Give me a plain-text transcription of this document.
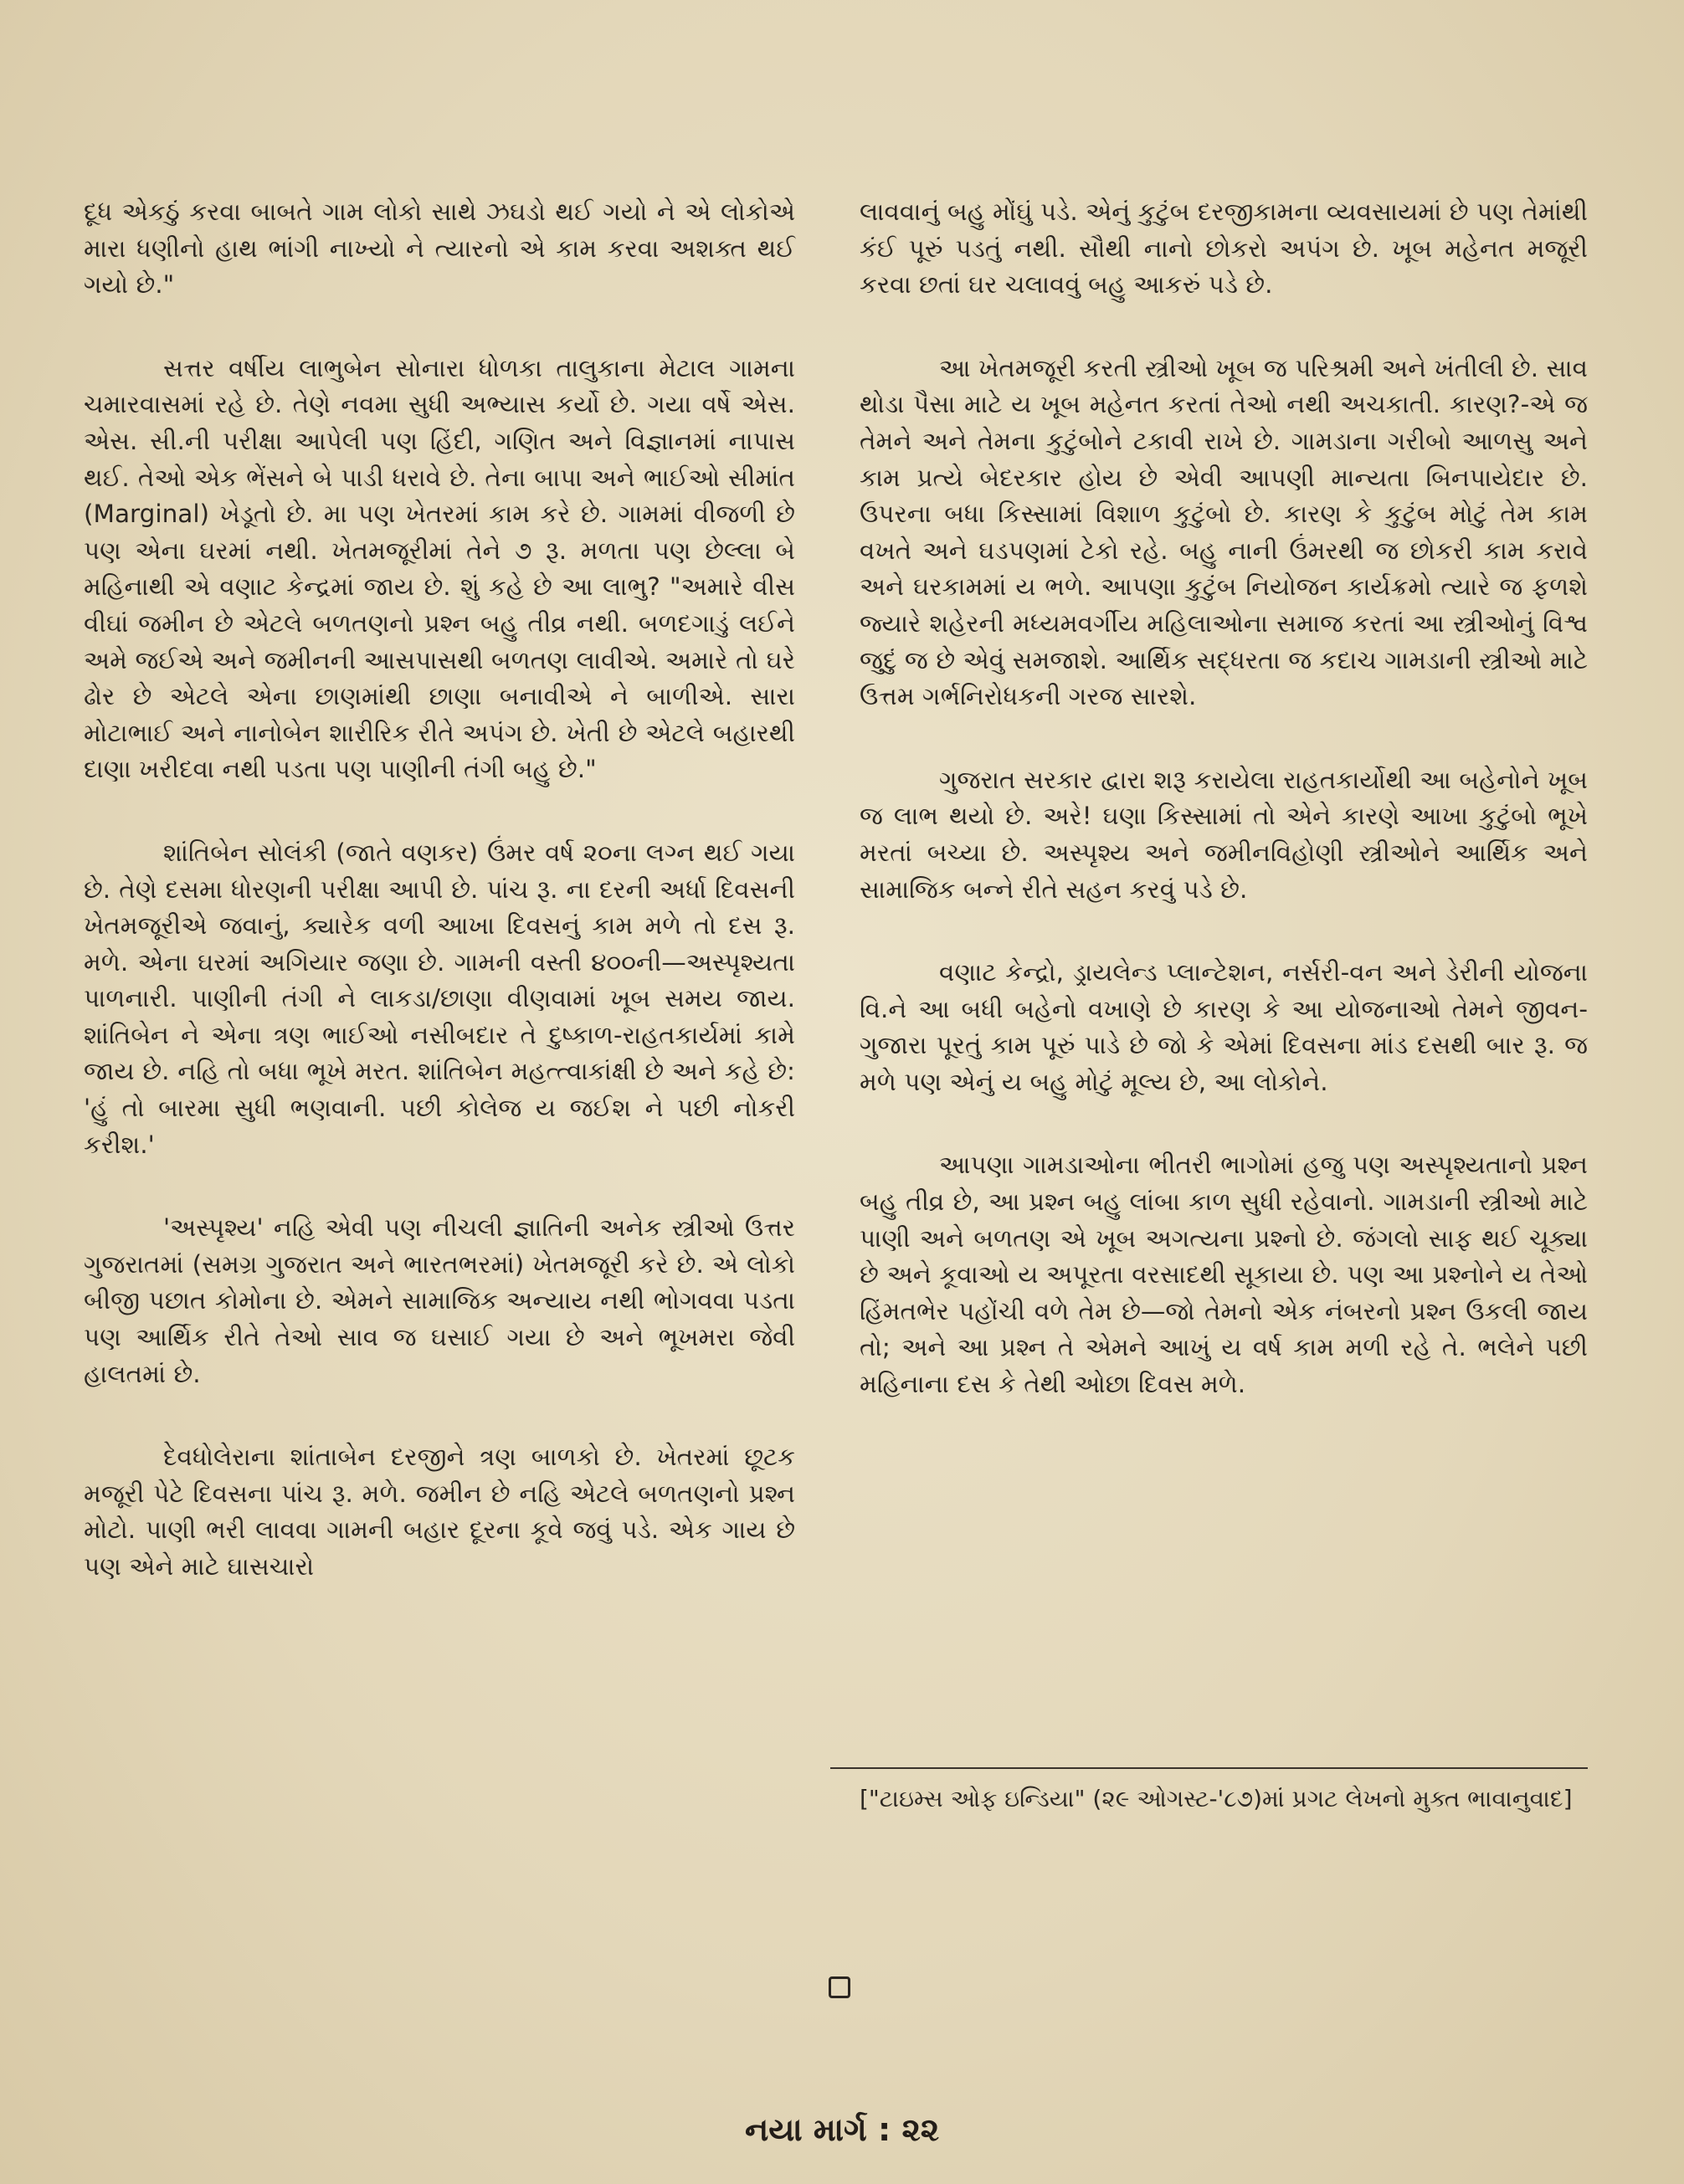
દૂધ એકઠું કરવા બાબતે ગામ લોકો સાથે ઝઘડો થઈ ગયો ને એ લોકોએ મારા ધણીનો હાથ ભાંગી નાખ્યો ને ત્યારનો એ કામ કરવા અશક્ત થઈ ગયો છે."

સત્તર વર્ષીય લાભુબેન સોનારા ધોળકા તાલુકાના મેટાલ ગામના ચમારવાસમાં રહે છે. તેણે નવમા સુધી અભ્યાસ કર્યો છે. ગયા વર્ષે એસ. એસ. સી.ની પરીક્ષા આપેલી પણ હિંદી, ગણિત અને વિજ્ઞાનમાં નાપાસ થઈ. તેઓ એક ભેંસને બે પાડી ધરાવે છે. તેના બાપા અને ભાઈઓ સીમાંત (Marginal) ખેડૂતો છે. મા પણ ખેતરમાં કામ કરે છે. ગામમાં વીજળી છે પણ એના ઘરમાં નથી. ખેતમજૂરીમાં તેને ૭ રૂ. મળતા પણ છેલ્લા બે મહિનાથી એ વણાટ કેન્દ્રમાં જાય છે. શું કહે છે આ લાભુ? "અમારે વીસ વીઘાં જમીન છે એટલે બળતણનો પ્રશ્ન બહુ તીવ્ર નથી. બળદગાડું લઈને અમે જઈએ અને જમીનની આસપાસથી બળતણ લાવીએ. અમારે તો ઘરે ઢોર છે એટલે એના છાણમાંથી છાણા બનાવીએ ને બાળીએ. સારા મોટાભાઈ અને નાનોબેન શારીરિક રીતે અપંગ છે. ખેતી છે એટલે બહારથી દાણા ખરીદવા નથી પડતા પણ પાણીની તંગી બહુ છે."

શાંતિબેન સોલંકી (જાતે વણકર) ઉંમર વર્ષ ૨૦ના લગ્ન થઈ ગયા છે. તેણે દસમા ધોરણની પરીક્ષા આપી છે. પાંચ રૂ. ના દરની અર્ધા દિવસની ખેતમજૂરીએ જવાનું, ક્યારેક વળી આખા દિવસનું કામ મળે તો દસ રૂ. મળે. એના ઘરમાં અગિયાર જણા છે. ગામની વસ્તી ૪૦૦ની—અસ્પૃશ્યતા પાળનારી. પાણીની તંગી ને લાકડા/છાણા વીણવામાં ખૂબ સમય જાય. શાંતિબેન ને એના ત્રણ ભાઈઓ નસીબદાર તે દુષ્કાળ-રાહતકાર્યમાં કામે જાય છે. નહિ તો બધા ભૂખે મરત. શાંતિબેન મહત્ત્વાકાંક્ષી છે અને કહે છે: 'હું તો બારમા સુધી ભણવાની. પછી કોલેજ ય જઈશ ને પછી નોકરી કરીશ.'

'અસ્પૃશ્ય' નહિ એવી પણ નીચલી જ્ઞાતિની અનેક સ્ત્રીઓ ઉત્તર ગુજરાતમાં (સમગ્ર ગુજરાત અને ભારતભરમાં) ખેતમજૂરી કરે છે. એ લોકો બીજી પછાત કોમોના છે. એમને સામાજિક અન્યાય નથી ભોગવવા પડતા પણ આર્થિક રીતે તેઓ સાવ જ ઘસાઈ ગયા છે અને ભૂખમરા જેવી હાલતમાં છે.

દેવધોલેરાના શાંતાબેન દરજીને ત્રણ બાળકો છે. ખેતરમાં છૂટક મજૂરી પેટે દિવસના પાંચ રૂ. મળે. જમીન છે નહિ એટલે બળતણનો પ્રશ્ન મોટો. પાણી ભરી લાવવા ગામની બહાર દૂરના કૂવે જવું પડે. એક ગાય છે પણ એને માટે ઘાસચારો

લાવવાનું બહુ મોંઘું પડે. એનું કુટુંબ દરજીકામના વ્યવસાયમાં છે પણ તેમાંથી કંઈ પૂરું પડતું નથી. સૌથી નાનો છોકરો અપંગ છે. ખૂબ મહેનત મજૂરી કરવા છતાં ઘર ચલાવવું બહુ આકરું પડે છે.

આ ખેતમજૂરી કરતી સ્ત્રીઓ ખૂબ જ પરિશ્રમી અને ખંતીલી છે. સાવ થોડા પૈસા માટે ય ખૂબ મહેનત કરતાં તેઓ નથી અચકાતી. કારણ?-એ જ તેમને અને તેમના કુટુંબોને ટકાવી રાખે છે. ગામડાના ગરીબો આળસુ અને કામ પ્રત્યે બેદરકાર હોય છે એવી આપણી માન્યતા બિનપાયેદાર છે. ઉપરના બધા કિસ્સામાં વિશાળ કુટુંબો છે. કારણ કે કુટુંબ મોટું તેમ કામ વખતે અને ઘડપણમાં ટેકો રહે. બહુ નાની ઉંમરથી જ છોકરી કામ કરાવે અને ઘરકામમાં ય ભળે. આપણા કુટુંબ નિયોજન કાર્યક્રમો ત્યારે જ ફળશે જ્યારે શહેરની મધ્યમવર્ગીય મહિલાઓના સમાજ કરતાં આ સ્ત્રીઓનું વિશ્વ જુદું જ છે એવું સમજાશે. આર્થિક સદ્ધરતા જ કદાચ ગામડાની સ્ત્રીઓ માટે ઉત્તમ ગર્ભનિરોધકની ગરજ સારશે.

ગુજરાત સરકાર દ્વારા શરૂ કરાયેલા રાહતકાર્યોથી આ બહેનોને ખૂબ જ લાભ થયો છે. અરે! ઘણા કિસ્સામાં તો એને કારણે આખા કુટુંબો ભૂખે મરતાં બચ્યા છે. અસ્પૃશ્ય અને જમીનવિહોણી સ્ત્રીઓને આર્થિક અને સામાજિક બન્ને રીતે સહન કરવું પડે છે.

વણાટ કેન્દ્રો, ડ્રાયલેન્ડ પ્લાન્ટેશન, નર્સરી-વન અને ડેરીની યોજના વિ.ને આ બધી બહેનો વખાણે છે કારણ કે આ યોજનાઓ તેમને જીવન-ગુજારા પૂરતું કામ પૂરું પાડે છે જો કે એમાં દિવસના માંડ દસથી બાર રૂ. જ મળે પણ એનું ય બહુ મોટું મૂલ્ય છે, આ લોકોને.

આપણા ગામડાઓના ભીતરી ભાગોમાં હજુ પણ અસ્પૃશ્યતાનો પ્રશ્ન બહુ તીવ્ર છે, આ પ્રશ્ન બહુ લાંબા કાળ સુધી રહેવાનો. ગામડાની સ્ત્રીઓ માટે પાણી અને બળતણ એ ખૂબ અગત્યના પ્રશ્નો છે. જંગલો સાફ થઈ ચૂક્યા છે અને કૂવાઓ ય અપૂરતા વરસાદથી સૂકાયા છે. પણ આ પ્રશ્નોને ય તેઓ હિંમતભેર પહોંચી વળે તેમ છે—જો તેમનો એક નંબરનો પ્રશ્ન ઉકલી જાય તો; અને આ પ્રશ્ન તે એમને આખું ય વર્ષ કામ મળી રહે તે. ભલેને પછી મહિનાના દસ કે તેથી ઓછા દિવસ મળે.

["ટાઇમ્સ ઓફ ઇન્ડિયા" (૨૯ ઓગસ્ટ-'૮૭)માં પ્રગટ લેખનો મુક્ત ભાવાનુવાદ]
નયા માર્ગ : ૨૨
